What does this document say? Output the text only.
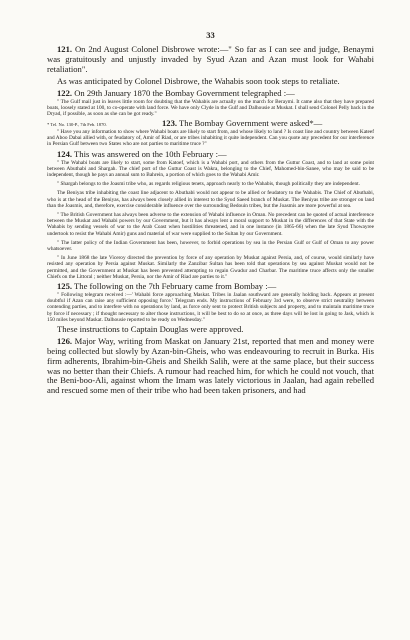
33

121. On 2nd August Colonel Disbrowe wrote:—" So far as I can see and judge, Benaymi was gratuitously and unjustly invaded by Syud Azan and Azan must look for Wahabi retaliation".

As was anticipated by Colonel Disbrowe, the Wahabis soon took steps to retaliate.

122. On 29th January 1870 the Bombay Government telegraphed :—

" The Gulf mail just in leaves little room for doubting that the Wahabis are actually on the march for Beraymi. It came also that they have prepared boats, loosely stated at 100, to co-operate with land force. We have only Clyde in the Gulf and Dalhousie at Muskat. I shall send Colonel Pelly back in the Dryad, if possible, as soon as she can be got ready."

* Tel. No. 130-P., 7th Feb. 1870.	123. The Bombay Government were asked*—

" Have you any information to show where Wahabi boats are likely to start from, and whose likely to land ? Is coast line and country between Kateef and Aboo Dabai allied with, or feudatory of, Amir of Riad, or are tribes inhabiting it quite independent. Can you quote any precedent for our interference in Persian Gulf between two States who are not parties to maritime truce ?"

124. This was answered on the 10th February :—

" The Wahabi boats are likely to start, some from Katoef, which is a Wahabi port, and others from the Guttur Coast, and to land at some point between Abuthabi and Shargah. The chief port of the Guttur Coast is Wakra, belonging to the Chief, Mahomed-bin-Sanee, who may be said to be independent, though he pays an annual sum to Bahrein, a portion of which goes to the Wahabi Amir.

" Shargah belongs to the Joasmi tribe who, as regards religious tenets, approach nearly to the Wahabis, though politically they are independent.

The Beniyas tribe inhabiting the coast line adjacent to Abuthabi would not appear to be allied or feudatory to the Wahabis. The Chief of Abuthabi, who is at the head of the Beniyas, has always been closely allied in interest to the Syud Saeed branch of Muskat. The Beniyas tribe are stronger on land than the Joasmis, and, therefore, exercise considerable influence over the surrounding Bedouin tribes, but the Joasmis are more powerful at sea.

" The British Government has always been adverse to the extension of Wahabi influence in Oman. No precedent can be quoted of actual interference between the Muskat and Wahabi powers by our Government, but it has always lent a moral support to Muskat in the differences of that State with the Wahabis by sending vessels of war to the Arab Coast when hostilities threatened, and in one instance (in 1865-66) when the late Syud Thowayree undertook to resist the Wahabi Amir) guns and material of war were supplied to the Sultan by our Government.

" The latter policy of the Indian Government has been, however, to forbid operations by sea in the Persian Gulf or Gulf of Oman to any power whatsoever.

" In June 1868 the late Viceroy directed the prevention by force of any operation by Muskat against Persia, and, of course, would similarly have resisted any operation by Persia against Muskat. Similarly the Zanzibar Sultan has been told that operations by sea against Muskat would not be permitted, and the Government at Muskat has been prevented attempting to regain Gwadur and Charbar. The maritime truce affects only the smaller Chiefs on the Littoral ; neither Muskat, Persia, nor the Amir of Riad are parties to it."

125. The following on the 7th February came from Bombay :—

" Following telegram received :—' Wahabi force approaching Maskat. Tribes in Jaalan southward are generally holding back. Appears at present doubtful if Azan can raise any sufficient opposing force.' Telegram ends. My instructions of February 3rd were, to observe strict neutrality between contending parties, and to interfere with no operations by land, as force only sent to protect British subjects and property, and to maintain maritime truce by force if necessary ; if thought necessary to alter those instructions, it will be best to do so at once, as three days will be lost in going to Jask, which is 150 miles beyond Maskat. Dalhousie reported to be ready on Wednesday."

These instructions to Captain Douglas were approved.

126. Major Way, writing from Maskat on January 21st, reported that men and money were being collected but slowly by Azan-bin-Gheis, who was endeavouring to recruit in Burka. His firm adherents, Ibrahim-bin-Gheis and Sheikh Salih, were at the same place, but their success was no better than their Chiefs. A rumour had reached him, for which he could not vouch, that the Beni-boo-Ali, against whom the Imam was lately victorious in Jaalan, had again rebelled and rescued some men of their tribe who had been taken prisoners, and had
